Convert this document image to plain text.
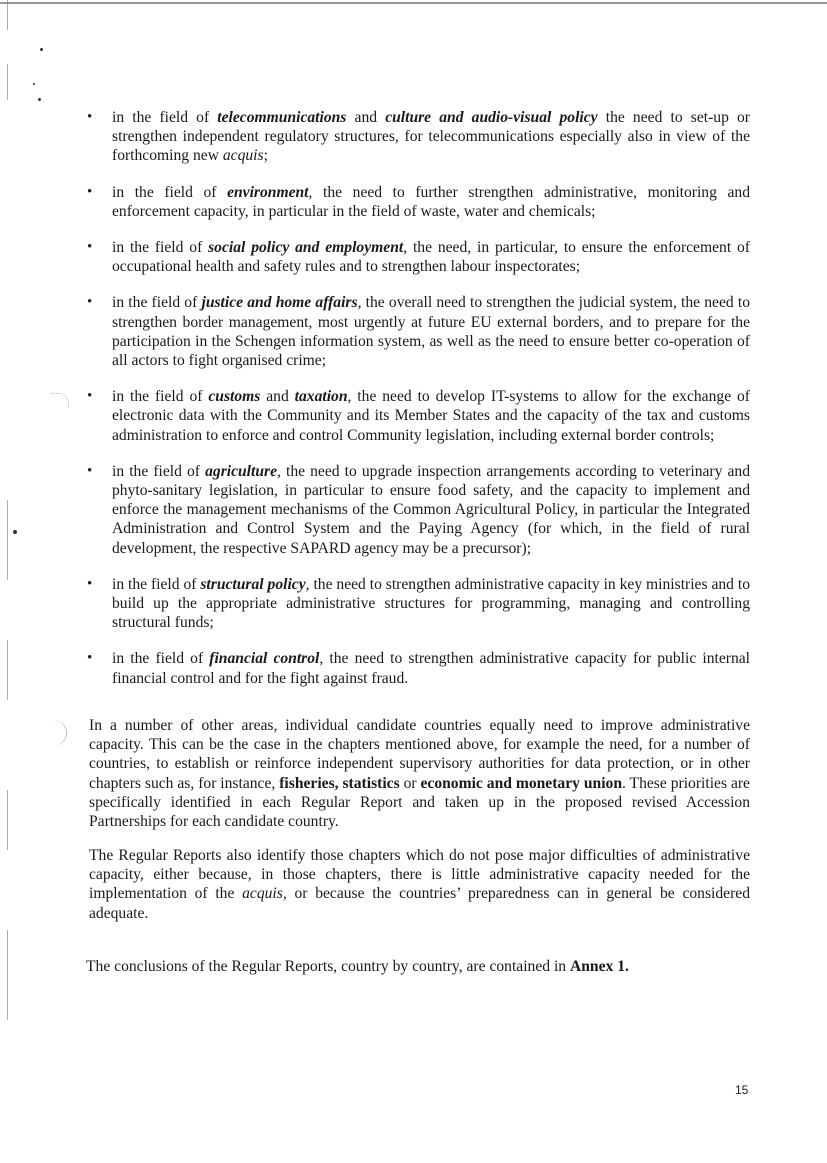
• in the field of telecommunications and culture and audio-visual policy the need to set-up or strengthen independent regulatory structures, for telecommunications especially also in view of the forthcoming new acquis;
• in the field of environment, the need to further strengthen administrative, monitoring and enforcement capacity, in particular in the field of waste, water and chemicals;
• in the field of social policy and employment, the need, in particular, to ensure the enforcement of occupational health and safety rules and to strengthen labour inspectorates;
• in the field of justice and home affairs, the overall need to strengthen the judicial system, the need to strengthen border management, most urgently at future EU external borders, and to prepare for the participation in the Schengen information system, as well as the need to ensure better co-operation of all actors to fight organised crime;
• in the field of customs and taxation, the need to develop IT-systems to allow for the exchange of electronic data with the Community and its Member States and the capacity of the tax and customs administration to enforce and control Community legislation, including external border controls;
• in the field of agriculture, the need to upgrade inspection arrangements according to veterinary and phyto-sanitary legislation, in particular to ensure food safety, and the capacity to implement and enforce the management mechanisms of the Common Agricultural Policy, in particular the Integrated Administration and Control System and the Paying Agency (for which, in the field of rural development, the respective SAPARD agency may be a precursor);
• in the field of structural policy, the need to strengthen administrative capacity in key ministries and to build up the appropriate administrative structures for programming, managing and controlling structural funds;
• in the field of financial control, the need to strengthen administrative capacity for public internal financial control and for the fight against fraud.

In a number of other areas, individual candidate countries equally need to improve administrative capacity. This can be the case in the chapters mentioned above, for example the need, for a number of countries, to establish or reinforce independent supervisory authorities for data protection, or in other chapters such as, for instance, fisheries, statistics or economic and monetary union. These priorities are specifically identified in each Regular Report and taken up in the proposed revised Accession Partnerships for each candidate country.

The Regular Reports also identify those chapters which do not pose major difficulties of administrative capacity, either because, in those chapters, there is little administrative capacity needed for the implementation of the acquis, or because the countries’ preparedness can in general be considered adequate.

The conclusions of the Regular Reports, country by country, are contained in Annex 1.

15
